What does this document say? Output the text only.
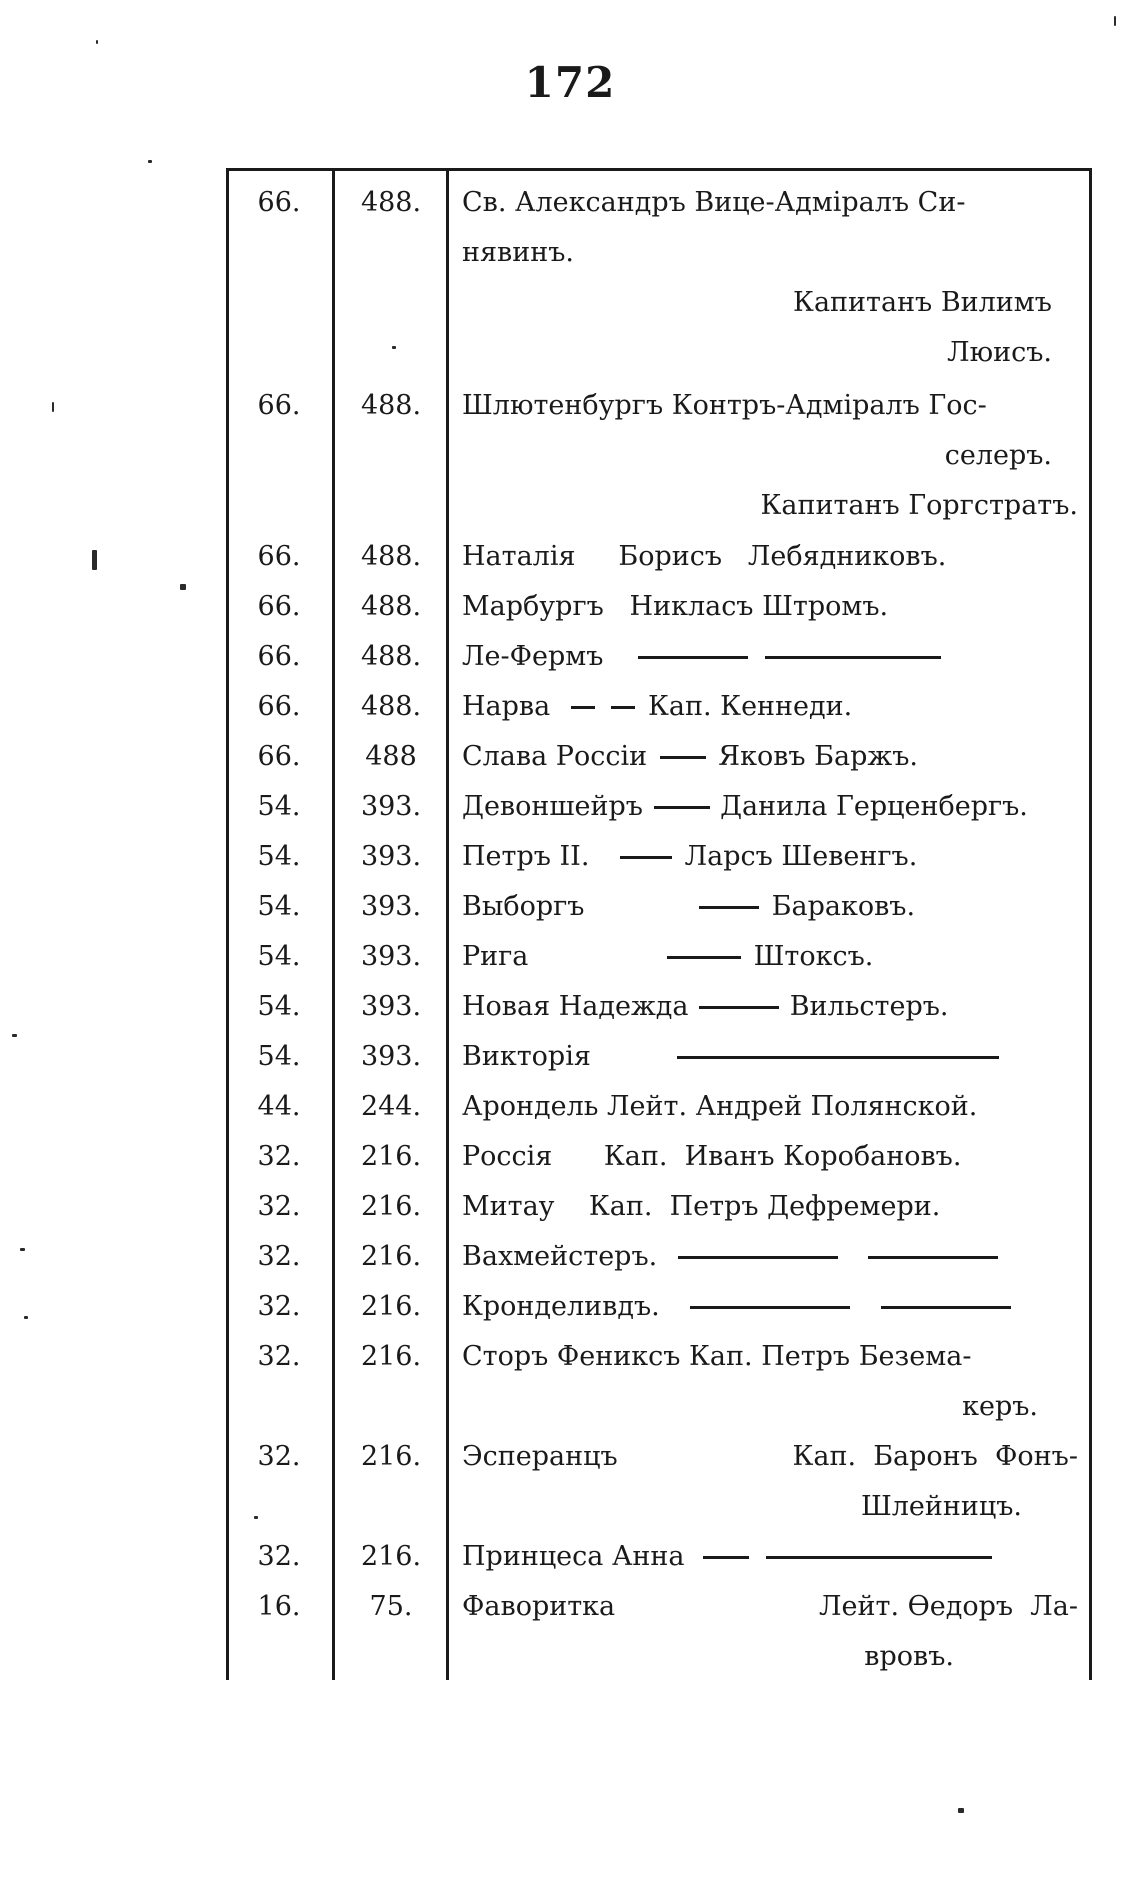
172
66.	488.	Св. Александръ Вице-Адміралъ Си-
нявинъ.
Капитанъ Вилимъ
Люисъ.
66.	488.	Шлютенбургъ Контръ-Адміралъ Гос-
селеръ.
Капитанъ Горгстратъ.
66.	488.	Наталія     Борисъ   Лебядниковъ.
66.	488.	Марбургъ   Никласъ Штромъ.
66.	488.	Лe-Фермъ
66.	488.	Нарва	Кап. Кеннеди.
66.	488	Слава Россіи	Яковъ Баржъ.
54.	393.	Девоншейръ	Данила Герценбергъ.
54.	393.	Петръ II.	Ларсъ Шевенгъ.
54.	393.	Выборгъ	Бараковъ.
54.	393.	Рига	Штоксъ.
54.	393.	Новая Надежда	Вильстеръ.
54.	393.	Викторія
44.	244.	Арондель Лейт. Андрей Полянской.
32.	216.	Россія      Кап.  Иванъ Коробановъ.
32.	216.	Митау    Кап.  Петръ Дефремери.
32.	216.	Вахмейстеръ.
32.	216.	Кронделивдъ.
32.	216.	Сторъ Фениксъ Кап. Петръ Безема-
керъ.
32.	216.	Эсперанцъ	Кап.  Баронъ  Фонъ-
Шлейницъ.
32.	216.	Принцеса Анна
16.	75.	Фаворитка	Лейт. Ѳедоръ  Ла-
вровъ.
